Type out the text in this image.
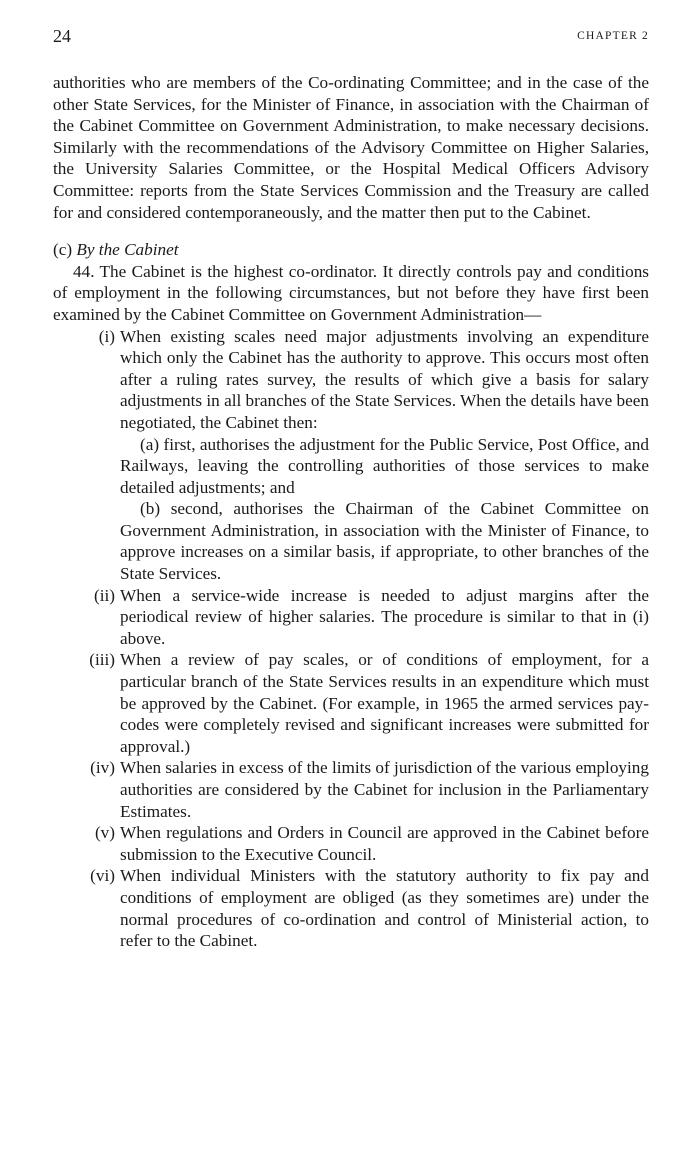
24	CHAPTER 2

authorities who are members of the Co-ordinating Committee; and in the case of the other State Services, for the Minister of Finance, in association with the Chairman of the Cabinet Committee on Government Administration, to make necessary decisions. Similarly with the recommendations of the Advisory Committee on Higher Salaries, the University Salaries Committee, or the Hospital Medical Officers Advisory Committee: reports from the State Services Commission and the Treasury are called for and considered contemporaneously, and the matter then put to the Cabinet.

(c) By the Cabinet

44. The Cabinet is the highest co-ordinator. It directly controls pay and conditions of employment in the following circumstances, but not before they have first been examined by the Cabinet Committee on Government Administration—

(i) When existing scales need major adjustments involving an expenditure which only the Cabinet has the authority to approve. This occurs most often after a ruling rates survey, the results of which give a basis for salary adjustments in all branches of the State Services. When the details have been negotiated, the Cabinet then:

(a) first, authorises the adjustment for the Public Service, Post Office, and Railways, leaving the controlling authorities of those services to make detailed adjustments; and

(b) second, authorises the Chairman of the Cabinet Committee on Government Administration, in association with the Minister of Finance, to approve increases on a similar basis, if appropriate, to other branches of the State Services.

(ii) When a service-wide increase is needed to adjust margins after the periodical review of higher salaries. The procedure is similar to that in (i) above.

(iii) When a review of pay scales, or of conditions of employment, for a particular branch of the State Services results in an expenditure which must be approved by the Cabinet. (For example, in 1965 the armed services pay-codes were completely revised and significant increases were submitted for approval.)

(iv) When salaries in excess of the limits of jurisdiction of the various employing authorities are considered by the Cabinet for inclusion in the Parliamentary Estimates.

(v) When regulations and Orders in Council are approved in the Cabinet before submission to the Executive Council.

(vi) When individual Ministers with the statutory authority to fix pay and conditions of employment are obliged (as they sometimes are) under the normal procedures of co-ordination and control of Ministerial action, to refer to the Cabinet.
